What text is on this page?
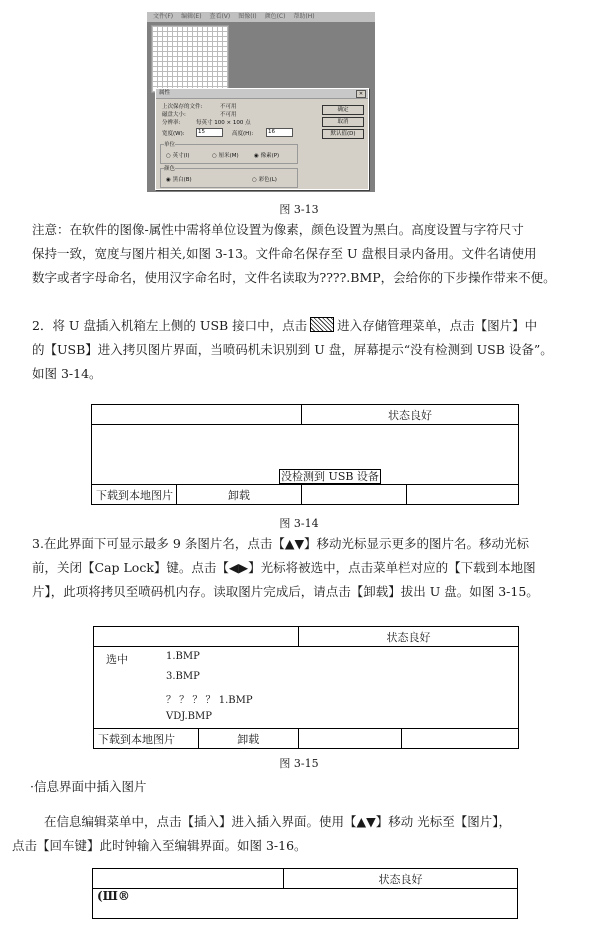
文件(F) 编辑(E) 查看(V) 图像(I) 颜色(C) 帮助(H)
属性	✕
上次保存的文件:	不可用
磁盘大小:	不可用
分辨率:	每英寸 100 × 100 点
宽度(W):	15	高度(H):	16
单位
○ 英寸(I)	○ 厘米(M)	◉ 像素(P)
颜色
◉ 黑白(B)	○ 彩色(L)
确定
取消
默认值(D)
图 3-13

注意：在软件的图像-属性中需将单位设置为像素，颜色设置为黑白。高度设置与字符尺寸

保持一致，宽度与图片相关,如图 3-13。文件命名保存至 U 盘根目录内备用。文件名请使用

数字或者字母命名，使用汉字命名时，文件名读取为????.BMP，会给你的下步操作带来不便。

2．将 U 盘插入机箱左上侧的 USB 接口中，点击 进入存储管理菜单，点击【图片】中

的【USB】进入拷贝图片界面，当喷码机未识别到 U 盘，屏幕提示“没有检测到 USB 设备”。

如图 3-14。

		状态良好	
没检测到 USB 设备			
下载到本地图片	卸载		
图 3-14

3.在此界面下可显示最多 9 条图片名，点击【▲▼】移动光标显示更多的图片名。移动光标

前，关闭【Cap Lock】键。点击【◀▶】光标将被选中，点击菜单栏对应的【下载到本地图

片】，此项将拷贝至喷码机内存。读取图片完成后，请点击【卸载】拔出 U 盘。如图 3-15。

		状态良好	

选中 1.BMP
3.BMP
？ ？ ？ ？ 1.BMP
VDJ.BMP			

下载到本地图片	卸载		
图 3-15
·信息界面中插入图片

在信息编辑菜单中，点击【插入】进入插入界面。使用【▲▼】移动 光标至【图片】，

点击【回车键】此时钟输入至编辑界面。如图 3-16。

	状态良好
(Ш®
